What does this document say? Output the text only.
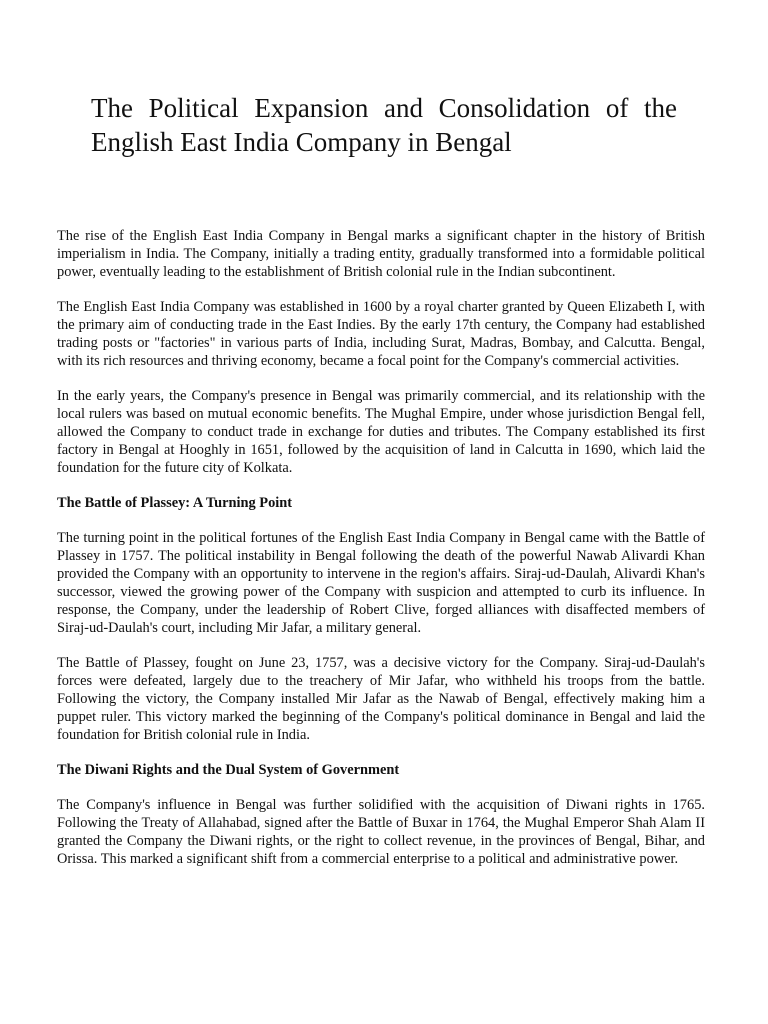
The Political Expansion and Consolidation of the English East India Company in Bengal

The rise of the English East India Company in Bengal marks a significant chapter in the history of British imperialism in India. The Company, initially a trading entity, gradually transformed into a formidable political power, eventually leading to the establishment of British colonial rule in the Indian subcontinent.

The English East India Company was established in 1600 by a royal charter granted by Queen Elizabeth I, with the primary aim of conducting trade in the East Indies. By the early 17th century, the Company had established trading posts or "factories" in various parts of India, including Surat, Madras, Bombay, and Calcutta. Bengal, with its rich resources and thriving economy, became a focal point for the Company's commercial activities.

In the early years, the Company's presence in Bengal was primarily commercial, and its relationship with the local rulers was based on mutual economic benefits. The Mughal Empire, under whose jurisdiction Bengal fell, allowed the Company to conduct trade in exchange for duties and tributes. The Company established its first factory in Bengal at Hooghly in 1651, followed by the acquisition of land in Calcutta in 1690, which laid the foundation for the future city of Kolkata.

The Battle of Plassey: A Turning Point

The turning point in the political fortunes of the English East India Company in Bengal came with the Battle of Plassey in 1757. The political instability in Bengal following the death of the powerful Nawab Alivardi Khan provided the Company with an opportunity to intervene in the region's affairs. Siraj-ud-Daulah, Alivardi Khan's successor, viewed the growing power of the Company with suspicion and attempted to curb its influence. In response, the Company, under the leadership of Robert Clive, forged alliances with disaffected members of Siraj-ud-Daulah's court, including Mir Jafar, a military general.

The Battle of Plassey, fought on June 23, 1757, was a decisive victory for the Company. Siraj-ud-Daulah's forces were defeated, largely due to the treachery of Mir Jafar, who withheld his troops from the battle. Following the victory, the Company installed Mir Jafar as the Nawab of Bengal, effectively making him a puppet ruler. This victory marked the beginning of the Company's political dominance in Bengal and laid the foundation for British colonial rule in India.

The Diwani Rights and the Dual System of Government

The Company's influence in Bengal was further solidified with the acquisition of Diwani rights in 1765. Following the Treaty of Allahabad, signed after the Battle of Buxar in 1764, the Mughal Emperor Shah Alam II granted the Company the Diwani rights, or the right to collect revenue, in the provinces of Bengal, Bihar, and Orissa. This marked a significant shift from a commercial enterprise to a political and administrative power.
